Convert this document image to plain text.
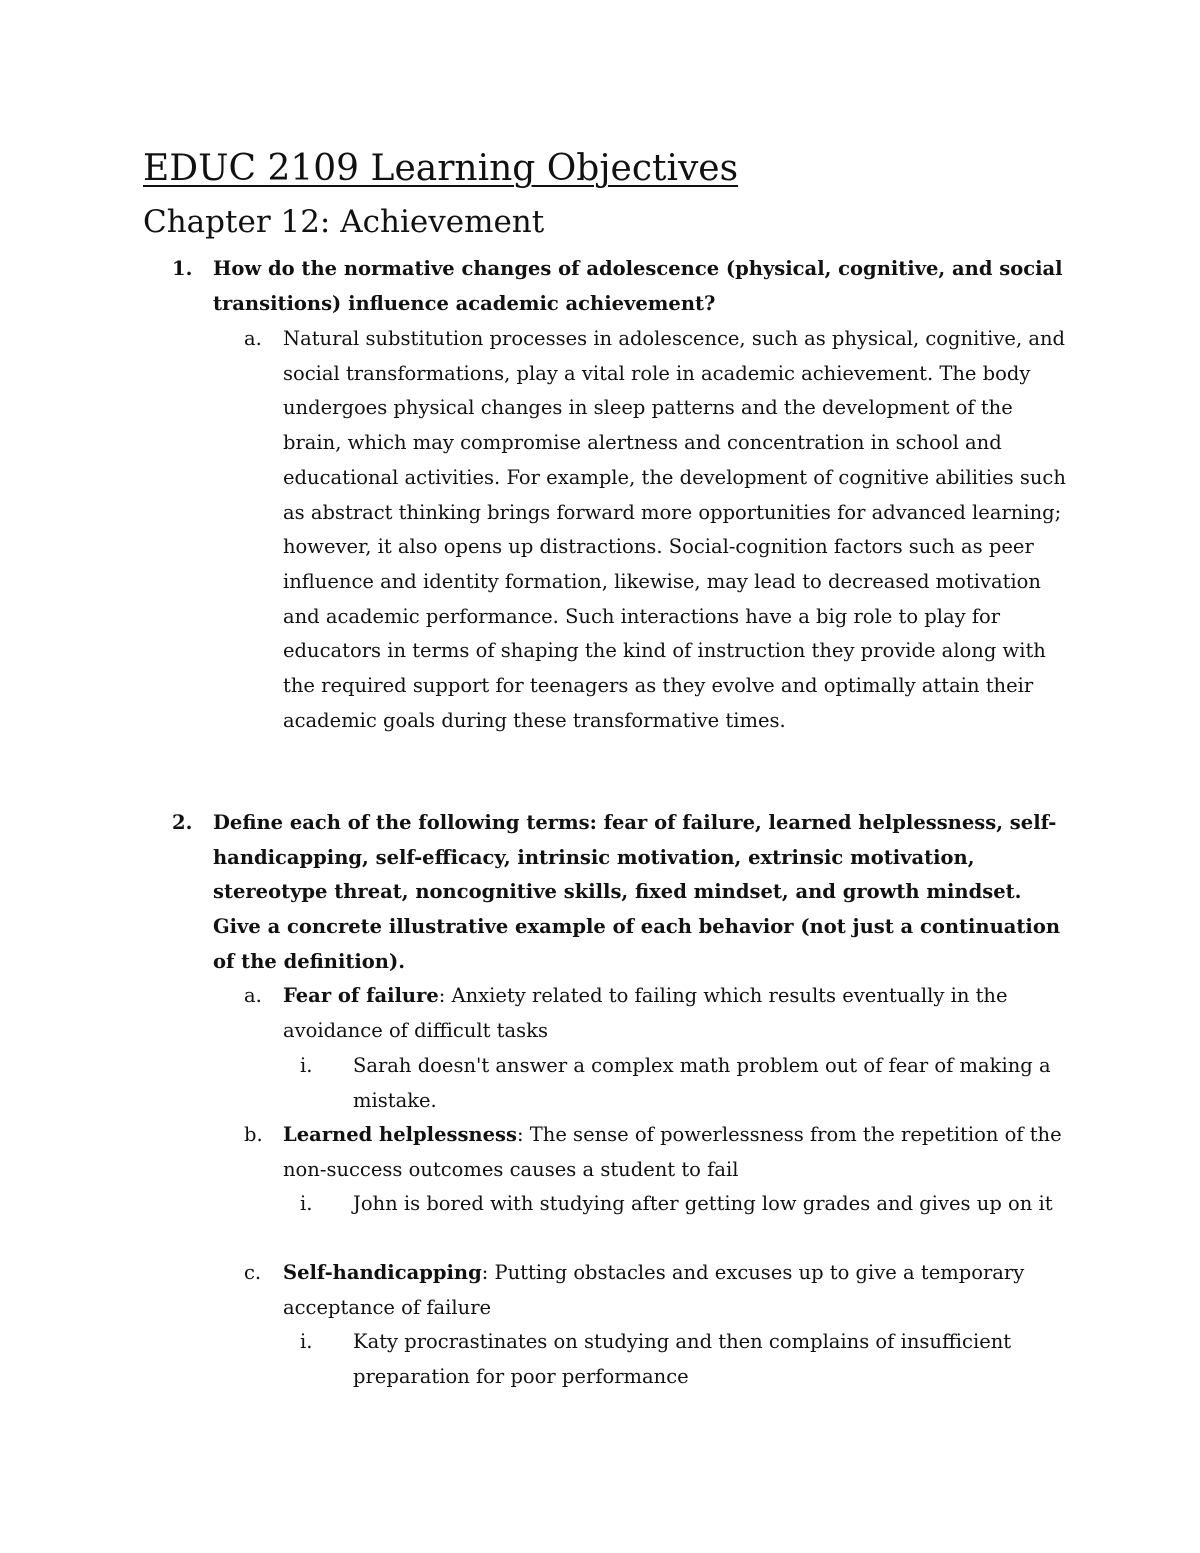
EDUC 2109 Learning Objectives
Chapter 12: Achievement
1. How do the normative changes of adolescence (physical, cognitive, and social transitions) influence academic achievement?

a. Natural substitution processes in adolescence, such as physical, cognitive, and social transformations, play a vital role in academic achievement. The body undergoes physical changes in sleep patterns and the development of the brain, which may compromise alertness and concentration in school and educational activities. For example, the development of cognitive abilities such as abstract thinking brings forward more opportunities for advanced learning; however, it also opens up distractions. Social-cognition factors such as peer influence and identity formation, likewise, may lead to decreased motivation and academic performance. Such interactions have a big role to play for educators in terms of shaping the kind of instruction they provide along with the required support for teenagers as they evolve and optimally attain their academic goals during these transformative times.

2. Define each of the following terms: fear of failure, learned helplessness, self-handicapping, self-efficacy, intrinsic motivation, extrinsic motivation, stereotype threat, noncognitive skills, fixed mindset, and growth mindset. Give a concrete illustrative example of each behavior (not just a continuation of the definition).

a. Fear of failure: Anxiety related to failing which results eventually in the avoidance of difficult tasks

i. Sarah doesn't answer a complex math problem out of fear of making a mistake.

b. Learned helplessness: The sense of powerlessness from the repetition of the non-success outcomes causes a student to fail

i. John is bored with studying after getting low grades and gives up on it

c. Self-handicapping: Putting obstacles and excuses up to give a temporary acceptance of failure

i. Katy procrastinates on studying and then complains of insufficient preparation for poor performance
